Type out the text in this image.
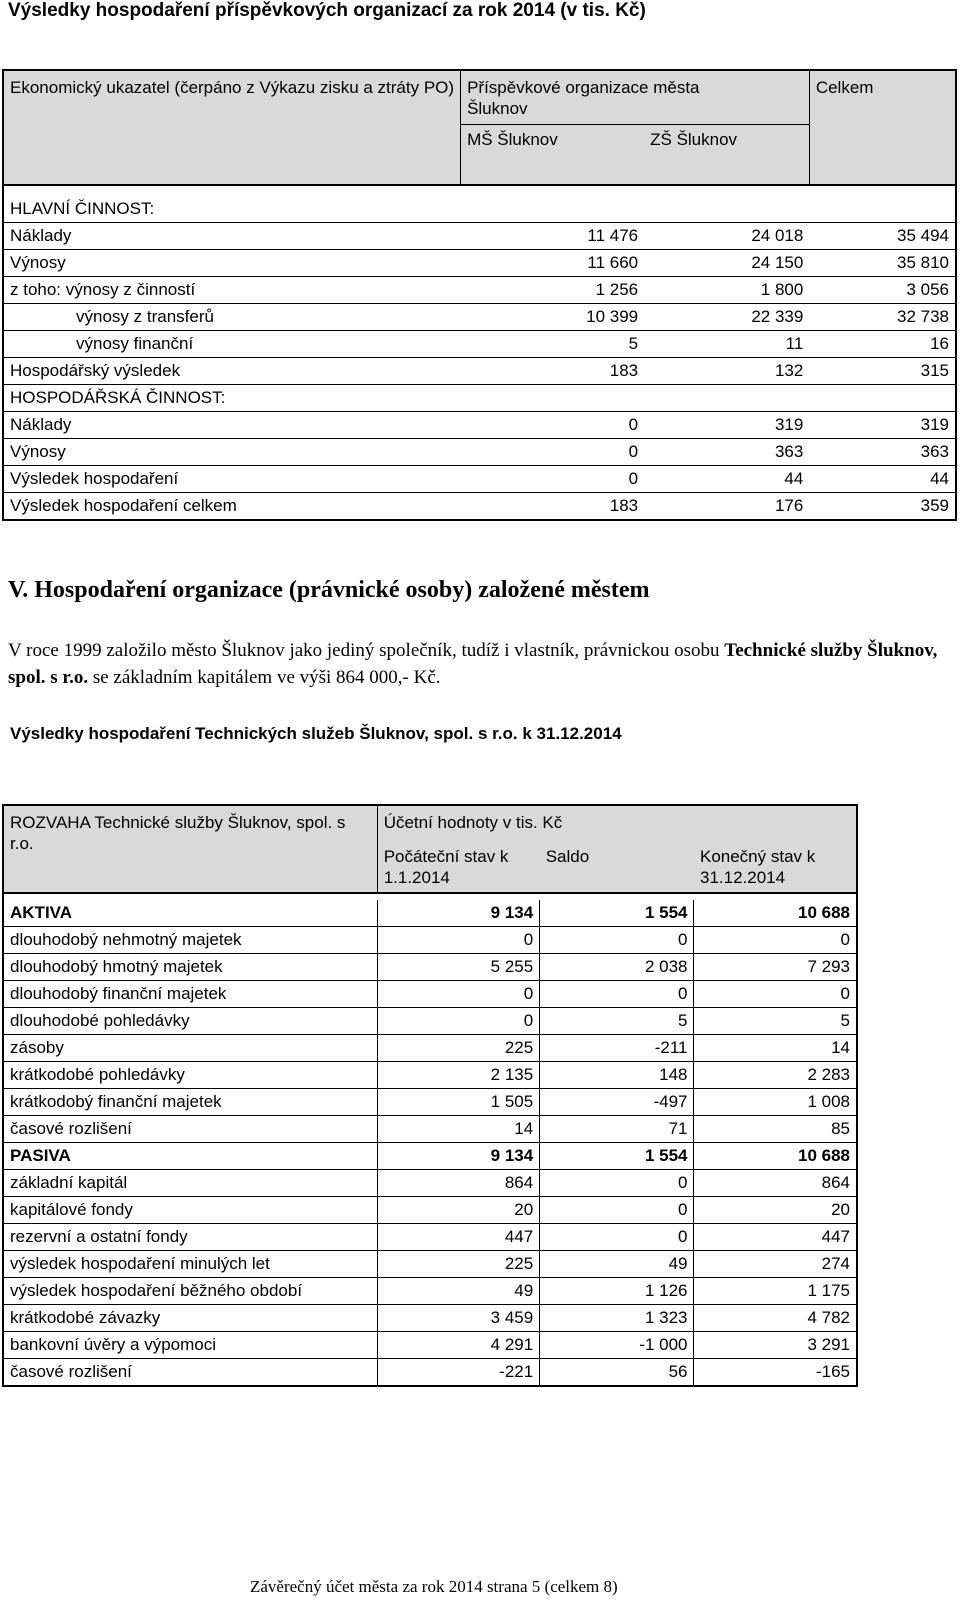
Výsledky hospodaření příspěvkových organizací za rok 2014 (v tis. Kč)
Ekonomický ukazatel (čerpáno z Výkazu zisku a ztráty PO)	Příspěvkové organizace města Šluknov		Celkem
	MŠ Šluknov	ZŠ Šluknov	

HLAVNÍ ČINNOST:			
Náklady	11 476	24 018	35 494
Výnosy	11 660	24 150	35 810
z toho: výnosy z činností	1 256	1 800	3 056
výnosy z transferů	10 399	22 339	32 738
výnosy finanční	5	11	16
Hospodářský výsledek	183	132	315
HOSPODÁŘSKÁ ČINNOST:			
Náklady	0	319	319
Výnosy	0	363	363
Výsledek hospodaření	0	44	44
Výsledek hospodaření celkem	183	176	359
V. Hospodaření organizace (právnické osoby) založené městem
V roce 1999 založilo město Šluknov jako jediný společník, tudíž i vlastník, právnickou osobu Technické služby Šluknov, spol. s r.o. se základním kapitálem ve výši 864 000,- Kč.
Výsledky hospodaření Technických služeb Šluknov, spol. s r.o. k 31.12.2014
ROZVAHA Technické služby Šluknov, spol. s r.o.	Účetní hodnoty v tis. Kč		

	Počáteční stav k 1.1.2014	Saldo	Konečný stav k 31.12.2014

AKTIVA	9 134	1 554	10 688
dlouhodobý nehmotný majetek	0	0	0
dlouhodobý hmotný majetek	5 255	2 038	7 293
dlouhodobý finanční majetek	0	0	0
dlouhodobé pohledávky	0	5	5
zásoby	225	-211	14
krátkodobé pohledávky	2 135	148	2 283
krátkodobý finanční majetek	1 505	-497	1 008
časové rozlišení	14	71	85
PASIVA	9 134	1 554	10 688
základní kapitál	864	0	864
kapitálové fondy	20	0	20
rezervní a ostatní fondy	447	0	447
výsledek hospodaření minulých let	225	49	274
výsledek hospodaření běžného období	49	1 126	1 175
krátkodobé závazky	3 459	1 323	4 782
bankovní úvěry a výpomoci	4 291	-1 000	3 291
časové rozlišení	-221	56	-165
Závěrečný účet města za rok 2014 strana 5 (celkem 8)
